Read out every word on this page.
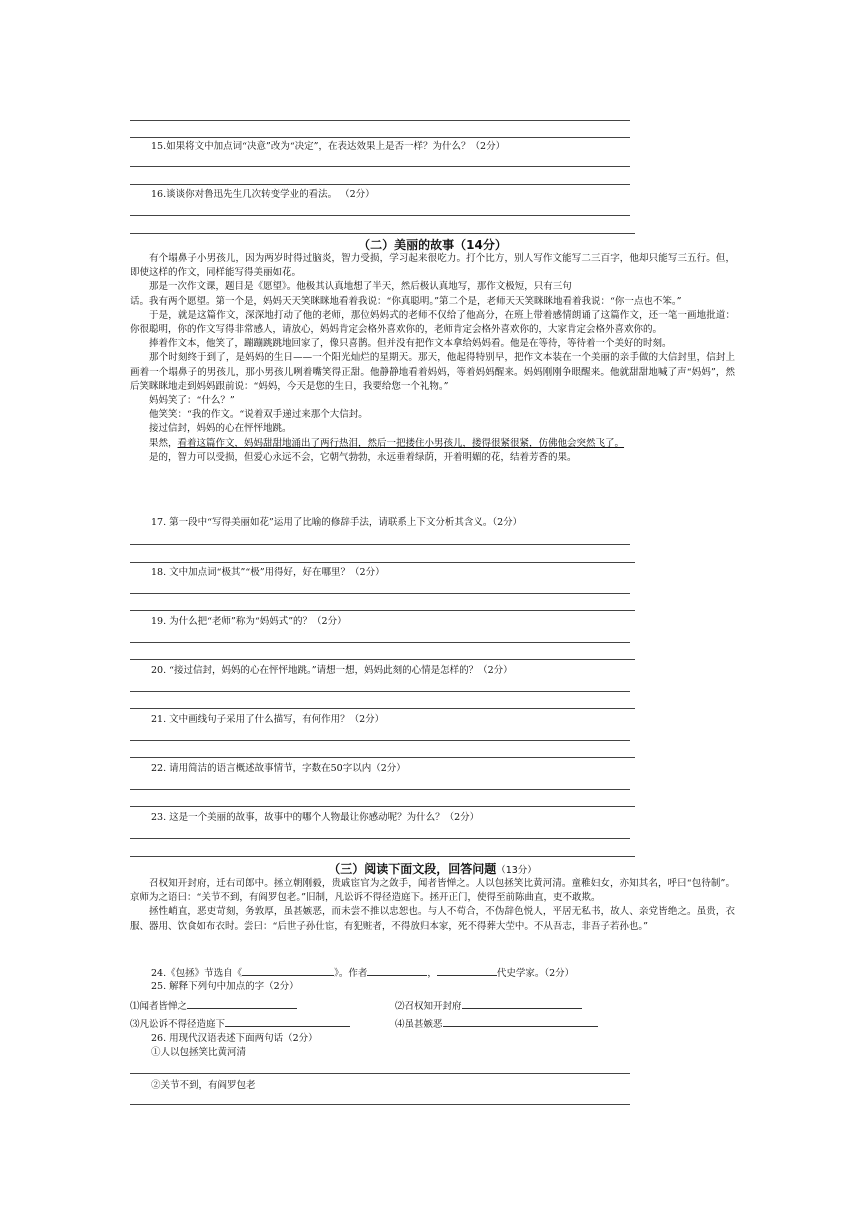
15.如果将文中加点词“决意”改为“决定”，在表达效果上是否一样？为什么？（2分）
16.谈谈你对鲁迅先生几次转变学业的看法。 （2分）
（二）美丽的故事（14分）

有个塌鼻子小男孩儿，因为两岁时得过脑炎，智力受损，学习起来很吃力。打个比方，别人写作文能写二三百字，他却只能写三五行。但，即使这样的作文，同样能写得美丽如花。

那是一次作文课，题目是《愿望》。他极其认真地想了半天，然后极认真地写，那作文极短，只有三句

话。我有两个愿望。第一个是，妈妈天天笑眯眯地看着我说：“你真聪明。”第二个是，老师天天笑眯眯地看着我说：“你一点也不笨。”

于是，就是这篇作文，深深地打动了他的老师，那位妈妈式的老师不仅给了他高分，在班上带着感情朗诵了这篇作文，还一笔一画地批道：你很聪明，你的作文写得非常感人，请放心，妈妈肯定会格外喜欢你的，老师肯定会格外喜欢你的，大家肯定会格外喜欢你的。

捧着作文本，他笑了，蹦蹦跳跳地回家了，像只喜鹊。但并没有把作文本拿给妈妈看。他是在等待，等待着一个美好的时刻。

那个时刻终于到了，是妈妈的生日——一个阳光灿烂的星期天。那天，他起得特别早，把作文本装在一个美丽的亲手做的大信封里，信封上画着一个塌鼻子的男孩儿，那小男孩儿咧着嘴笑得正甜。他静静地看着妈妈，等着妈妈醒来。妈妈刚刚争眼醒来。他就甜甜地喊了声“妈妈”，然后笑眯眯地走到妈妈跟前说：“妈妈，今天是您的生日，我要给您一个礼物。”

妈妈笑了：“什么？”

他笑笑：“我的作文。“说着双手递过来那个大信封。

接过信封，妈妈的心在怦怦地跳。

果然，看着这篇作文，妈妈甜甜地涌出了两行热泪，然后一把搂住小男孩儿，搂得很紧很紧，仿佛他会突然飞了。

是的，智力可以受损，但爱心永远不会，它朝气勃勃，永远垂着绿荫，开着明媚的花，结着芳香的果。

17. 第一段中“写得美丽如花”运用了比喻的修辞手法，请联系上下文分析其含义。（2分）
18. 文中加点词“极其”“极”用得好，好在哪里？（2分）
19. 为什么把“老师”称为“妈妈式”的？（2分）
20. “接过信封，妈妈的心在怦怦地跳。”请想一想，妈妈此刻的心情是怎样的？（2分）
21. 文中画线句子采用了什么描写，有何作用？（2分）
22. 请用简洁的语言概述故事情节，字数在50字以内（2分）
23. 这是一个美丽的故事，故事中的哪个人物最让你感动呢？为什么？（2分）
（三）阅读下面文段，回答问题（13分）

召权知开封府，迁右司郎中。拯立朝刚毅，贵戚宦官为之敛手，闻者皆惮之。人以包拯笑比黄河清。童稚妇女，亦知其名，呼曰“包待制”。京师为之语曰：“关节不到，有阎罗包老。”旧制，凡讼诉不得径造庭下。拯开正门，使得至前陈曲直，吏不敢欺。

拯性峭直，恶吏苛刻，务敦厚，虽甚嫉恶，而未尝不推以忠恕也。与人不苟合，不伪辞色悦人，平居无私书，故人、亲党皆绝之。虽贵，衣服、器用、饮食如布衣时。尝曰：“后世子孙仕宦，有犯赃者，不得放归本家，死不得葬大茔中。不从吾志，非吾子若孙也。”

24.《包拯》节选自《	》。作者	，	代史学家。（2分）
25. 解释下列句中加点的字（2分）
⑴闻者皆惮之	⑵召权知开封府
⑶凡讼诉不得径造庭下	⑷虽甚嫉恶
26. 用现代汉语表述下面两句话（2分）
①人以包拯笑比黄河清
②关节不到，有阎罗包老
